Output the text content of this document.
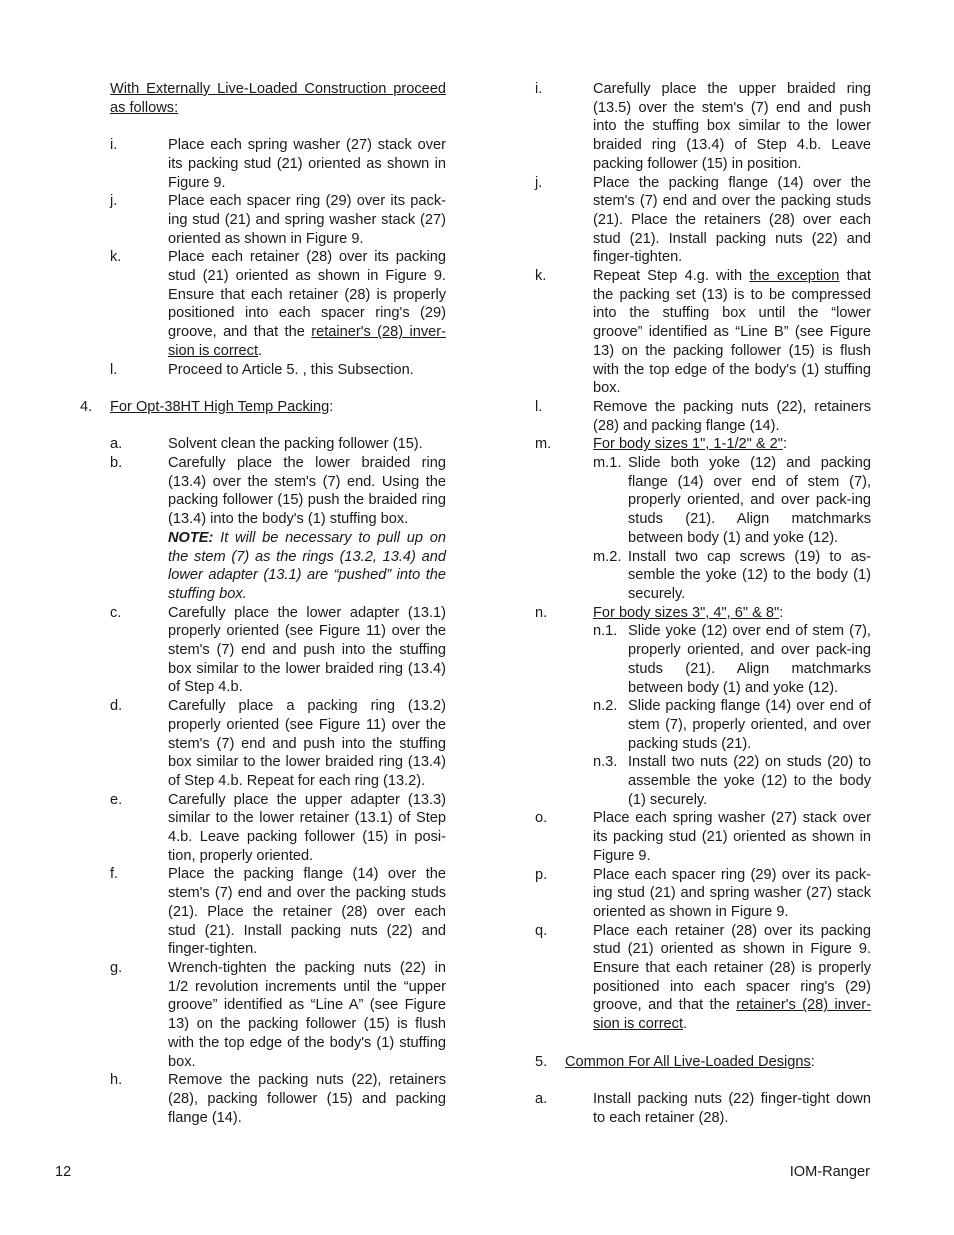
With Externally Live-Loaded Construction proceed as follows:

i.	Place each spring washer (27) stack over its packing stud (21) oriented as shown in Figure 9.
j.	Place each spacer ring (29) over its pack-ing stud (21) and spring washer stack (27) oriented as shown in Figure 9.
k.	Place each retainer (28) over its packing stud (21) oriented as shown in Figure 9. Ensure that each retainer (28) is properly positioned into each spacer ring's (29) groove, and that the retainer's (28) inver-sion is correct.
l.	Proceed to Article 5. , this Subsection.
4.	For Opt-38HT High Temp Packing:
a.	Solvent clean the packing follower (15).
b.	Carefully place the lower braided ring (13.4) over the stem's (7) end. Using the packing follower (15) push the braided ring (13.4) into the body's (1) stuffing box.
NOTE: It will be necessary to pull up on the stem (7) as the rings (13.2, 13.4) and lower adapter (13.1) are “pushed” into the stuffing box.
c.	Carefully place the lower adapter (13.1) properly oriented (see Figure 11) over the stem's (7) end and push into the stuffing box similar to the lower braided ring (13.4) of Step 4.b.
d.	Carefully place a packing ring (13.2) properly oriented (see Figure 11) over the stem's (7) end and push into the stuffing box similar to the lower braided ring (13.4) of Step 4.b. Repeat for each ring (13.2).
e.	Carefully place the upper adapter (13.3) similar to the lower retainer (13.1) of Step 4.b. Leave packing follower (15) in posi-tion, properly oriented.
f.	Place the packing flange (14) over the stem's (7) end and over the packing studs (21). Place the retainer (28) over each stud (21). Install packing nuts (22) and finger-tighten.
g.	Wrench-tighten the packing nuts (22) in 1/2 revolution increments until the “upper groove” identified as “Line A” (see Figure 13) on the packing follower (15) is flush with the top edge of the body's (1) stuffing box.
h.	Remove the packing nuts (22), retainers (28), packing follower (15) and packing flange (14).
i.	Carefully place the upper braided ring (13.5) over the stem's (7) end and push into the stuffing box similar to the lower braided ring (13.4) of Step 4.b. Leave packing follower (15) in position.
j.	Place the packing flange (14) over the stem's (7) end and over the packing studs (21). Place the retainers (28) over each stud (21). Install packing nuts (22) and finger-tighten.
k.	Repeat Step 4.g. with the exception that the packing set (13) is to be compressed into the stuffing box until the “lower groove” identified as “Line B” (see Figure 13) on the packing follower (15) is flush with the top edge of the body's (1) stuffing box.
l.	Remove the packing nuts (22), retainers (28) and packing flange (14).
m.	For body sizes 1", 1-1/2" & 2":
m.1. Slide both yoke (12) and packing flange (14) over end of stem (7), properly oriented, and over pack-ing studs (21). Align matchmarks between body (1) and yoke (12).
m.2. Install two cap screws (19) to as-semble the yoke (12) to the body (1) securely.
n.	For body sizes 3", 4", 6" & 8":
n.1. Slide yoke (12) over end of stem (7), properly oriented, and over pack-ing studs (21). Align matchmarks between body (1) and yoke (12).
n.2. Slide packing flange (14) over end of stem (7), properly oriented, and over packing studs (21).
n.3. Install two nuts (22) on studs (20) to assemble the yoke (12) to the body (1) securely.
o.	Place each spring washer (27) stack over its packing stud (21) oriented as shown in Figure 9.
p.	Place each spacer ring (29) over its pack-ing stud (21) and spring washer (27) stack oriented as shown in Figure 9.
q.	Place each retainer (28) over its packing stud (21) oriented as shown in Figure 9. Ensure that each retainer (28) is properly positioned into each spacer ring's (29) groove, and that the retainer's (28) inver-sion is correct.
5.	Common For All Live-Loaded Designs:
a.	Install packing nuts (22) finger-tight down to each retainer (28).
12	IOM-Ranger
